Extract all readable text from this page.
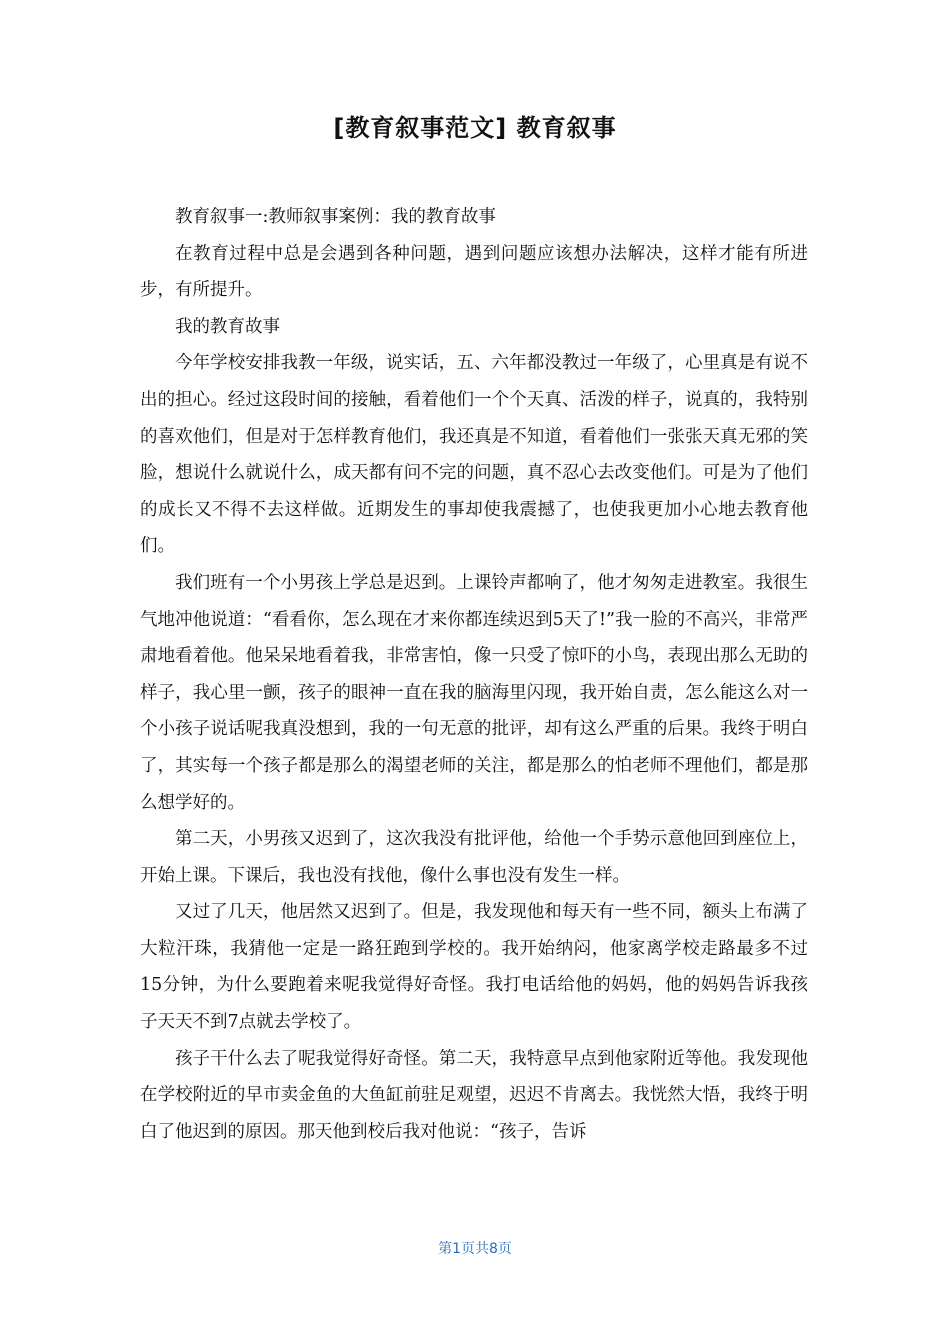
[教育叙事范文] 教育叙事

教育叙事一:教师叙事案例：我的教育故事

在教育过程中总是会遇到各种问题，遇到问题应该想办法解决，这样才能有所进步，有所提升。

我的教育故事

今年学校安排我教一年级，说实话，五、六年都没教过一年级了，心里真是有说不出的担心。经过这段时间的接触，看着他们一个个天真、活泼的样子，说真的，我特别的喜欢他们，但是对于怎样教育他们，我还真是不知道，看着他们一张张天真无邪的笑脸，想说什么就说什么，成天都有问不完的问题，真不忍心去改变他们。可是为了他们的成长又不得不去这样做。近期发生的事却使我震撼了，也使我更加小心地去教育他们。

我们班有一个小男孩上学总是迟到。上课铃声都响了，他才匆匆走进教室。我很生气地冲他说道：“看看你，怎么现在才来你都连续迟到5天了!”我一脸的不高兴，非常严肃地看着他。他呆呆地看着我，非常害怕，像一只受了惊吓的小鸟，表现出那么无助的样子，我心里一颤，孩子的眼神一直在我的脑海里闪现，我开始自责，怎么能这么对一个小孩子说话呢我真没想到，我的一句无意的批评，却有这么严重的后果。我终于明白了，其实每一个孩子都是那么的渴望老师的关注，都是那么的怕老师不理他们，都是那么想学好的。

第二天，小男孩又迟到了，这次我没有批评他，给他一个手势示意他回到座位上，开始上课。下课后，我也没有找他，像什么事也没有发生一样。

又过了几天，他居然又迟到了。但是，我发现他和每天有一些不同，额头上布满了大粒汗珠，我猜他一定是一路狂跑到学校的。我开始纳闷，他家离学校走路最多不过15分钟，为什么要跑着来呢我觉得好奇怪。我打电话给他的妈妈，他的妈妈告诉我孩子天天不到7点就去学校了。

孩子干什么去了呢我觉得好奇怪。第二天，我特意早点到他家附近等他。我发现他在学校附近的早市卖金鱼的大鱼缸前驻足观望，迟迟不肯离去。我恍然大悟，我终于明白了他迟到的原因。那天他到校后我对他说：“孩子，告诉

第1页共8页
